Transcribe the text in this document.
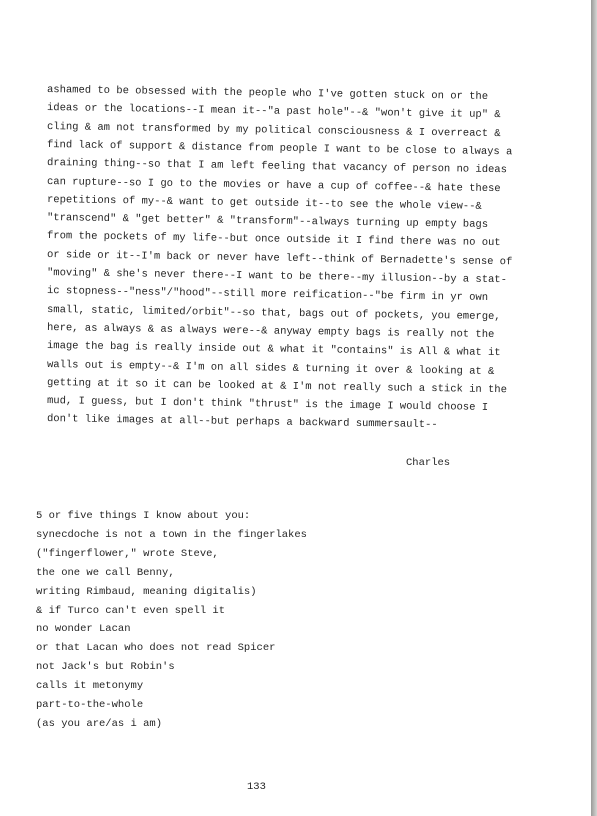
ashamed to be obsessed with the people who I've gotten stuck on or the
ideas or the locations--I mean it--"a past hole"--& "won't give it up" &
cling & am not transformed by my political consciousness & I overreact &
find lack of support & distance from people I want to be close to always a
draining thing--so that I am left feeling that vacancy of person no ideas
can rupture--so I go to the movies or have a cup of coffee--& hate these
repetitions of my--& want to get outside it--to see the whole view--&
"transcend" & "get better" & "transform"--always turning up empty bags
from the pockets of my life--but once outside it I find there was no out
or side or it--I'm back or never have left--think of Bernadette's sense of
"moving" & she's never there--I want to be there--my illusion--by a stat-
ic stopness--"ness"/"hood"--still more reification--"be firm in yr own
small, static, limited/orbit"--so that, bags out of pockets, you emerge,
here, as always & as always were--& anyway empty bags is really not the
image the bag is really inside out & what it "contains" is All & what it
walls out is empty--& I'm on all sides & turning it over & looking at &
getting at it so it can be looked at & I'm not really such a stick in the
mud, I guess, but I don't think "thrust" is the image I would choose I
don't like images at all--but perhaps a backward summersault--
Charles
5 or five things I know about you:
synecdoche is not a town in the fingerlakes
("fingerflower," wrote Steve,
the one we call Benny,
writing Rimbaud, meaning digitalis)
& if Turco can't even spell it
no wonder Lacan
or that Lacan who does not read Spicer
not Jack's but Robin's
calls it metonymy
part-to-the-whole
(as you are/as i am)
133
